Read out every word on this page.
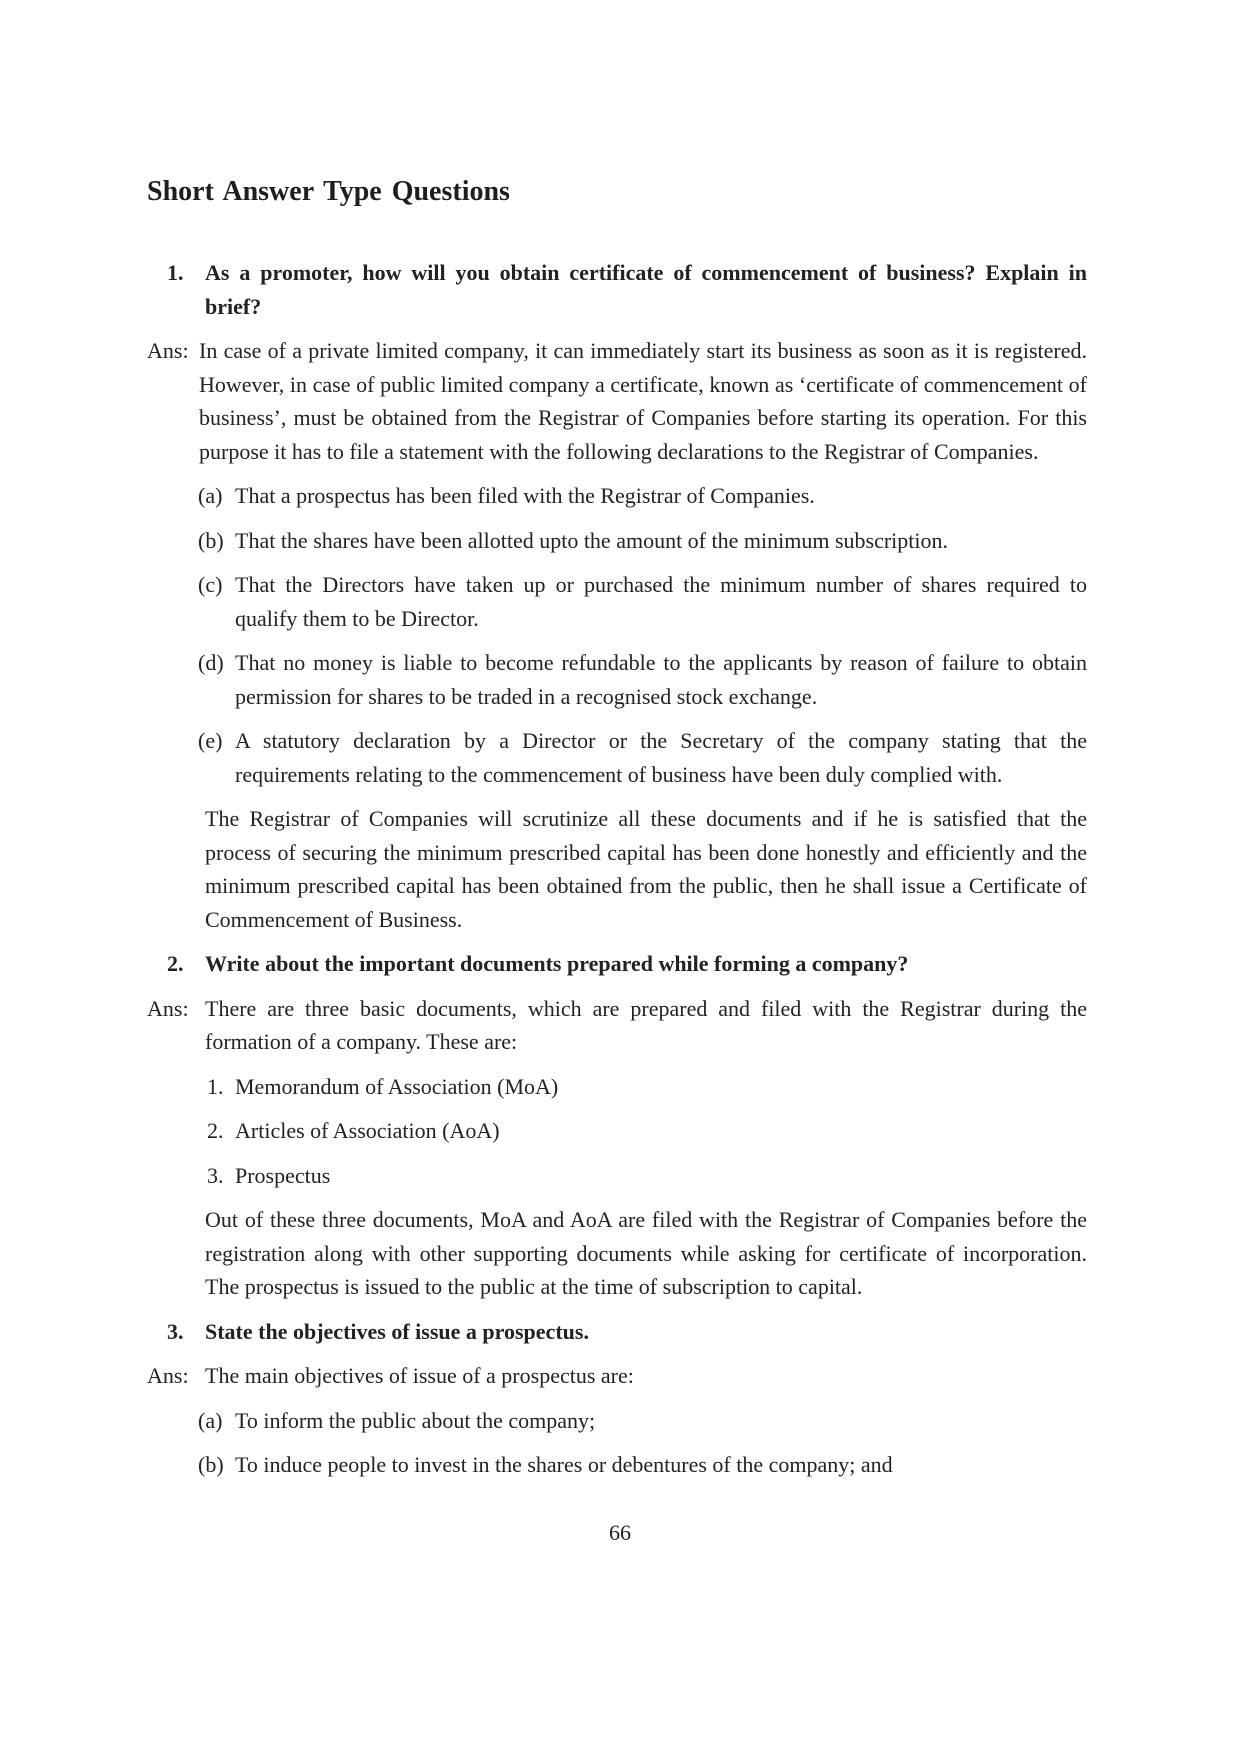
Short Answer Type Questions

1. As a promoter, how will you obtain certificate of commencement of business? Explain in brief?

Ans: In case of a private limited company, it can immediately start its business as soon as it is registered. However, in case of public limited company a certificate, known as ‘certificate of commencement of business’, must be obtained from the Registrar of Companies before starting its operation. For this purpose it has to file a statement with the following declarations to the Registrar of Companies.

(a) That a prospectus has been filed with the Registrar of Companies.

(b) That the shares have been allotted upto the amount of the minimum subscription.

(c) That the Directors have taken up or purchased the minimum number of shares required to qualify them to be Director.

(d) That no money is liable to become refundable to the applicants by reason of failure to obtain permission for shares to be traded in a recognised stock exchange.

(e) A statutory declaration by a Director or the Secretary of the company stating that the requirements relating to the commencement of business have been duly complied with.

The Registrar of Companies will scrutinize all these documents and if he is satisfied that the process of securing the minimum prescribed capital has been done honestly and efficiently and the minimum prescribed capital has been obtained from the public, then he shall issue a Certificate of Commencement of Business.

2. Write about the important documents prepared while forming a company?

Ans: There are three basic documents, which are prepared and filed with the Registrar during the formation of a company. These are:

1. Memorandum of Association (MoA)

2. Articles of Association (AoA)

3. Prospectus

Out of these three documents, MoA and AoA are filed with the Registrar of Companies before the registration along with other supporting documents while asking for certificate of incorporation. The prospectus is issued to the public at the time of subscription to capital.

3. State the objectives of issue a prospectus.

Ans: The main objectives of issue of a prospectus are:

(a) To inform the public about the company;

(b) To induce people to invest in the shares or debentures of the company; and

66
